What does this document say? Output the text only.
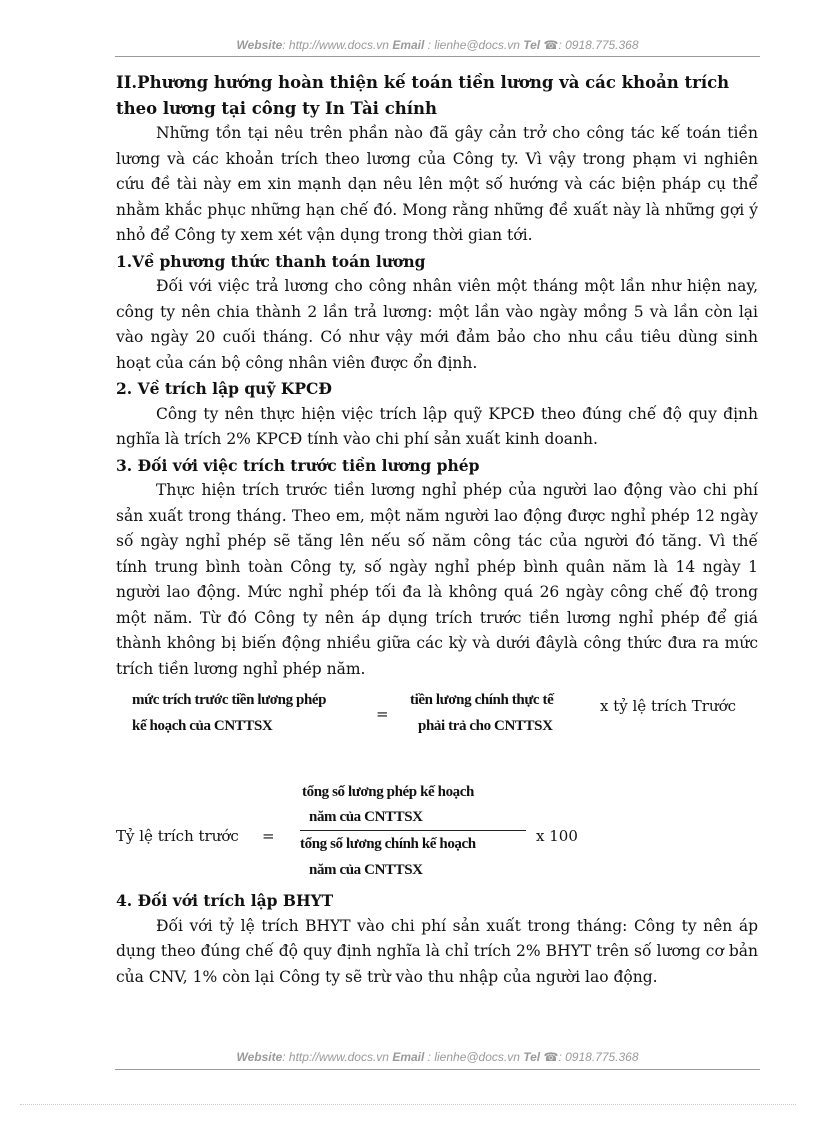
Website: http://www.docs.vn Email : lienhe@docs.vn Tel ☎: 0918.775.368
II.Phương hướng hoàn thiện kế toán tiền lương và các khoản trích theo lương tại công ty In Tài chính

Những tồn tại nêu trên phần nào đã gây cản trở cho công tác kế toán tiền lương và các khoản trích theo lương của Công ty. Vì vậy trong phạm vi nghiên cứu đề tài này em xin mạnh dạn nêu lên một số hướng và các biện pháp cụ thể nhằm khắc phục những hạn chế đó. Mong rằng những đề xuất này là những gợi ý nhỏ để Công ty xem xét vận dụng trong thời gian tới.

1.Về phương thức thanh toán lương

Đối với việc trả lương cho công nhân viên một tháng một lần như hiện nay, công ty nên chia thành 2 lần trả lương: một lần vào ngày mồng 5 và lần còn lại vào ngày 20 cuối tháng. Có như vậy mới đảm bảo cho nhu cầu tiêu dùng sinh hoạt của cán bộ công nhân viên được ổn định.

2. Về trích lập quỹ KPCĐ

Công ty nên thực hiện việc trích lập quỹ KPCĐ theo đúng chế độ quy định nghĩa là trích 2% KPCĐ tính vào chi phí sản xuất kinh doanh.

3. Đối với việc trích trước tiền lương phép

Thực hiện trích trước tiền lương nghỉ phép của người lao động vào chi phí sản xuất trong tháng. Theo em, một năm người lao động được nghỉ phép 12 ngày số ngày nghỉ phép sẽ tăng lên nếu số năm công tác của người đó tăng. Vì thế tính trung bình toàn Công ty, số ngày nghỉ phép bình quân năm là 14 ngày 1 người lao động. Mức nghỉ phép tối đa là không quá 26 ngày công chế độ trong một năm. Từ đó Công ty nên áp dụng trích trước tiền lương nghỉ phép để giá thành không bị biến động nhiều giữa các kỳ và dưới đâylà công thức đưa ra mức trích tiền lương nghỉ phép năm.

mức trích trước tiền lương phép
kế hoạch của CNTTSX
=
tiền lương chính thực tế
phải trả cho CNTTSX
x tỷ lệ trích Trước
Tỷ lệ trích trước =
tổng số lương phép kế hoạch
năm của CNTTSX
tổng số lương chính kế hoạch
năm của CNTTSX
x 100
4. Đối với trích lập BHYT

Đối với tỷ lệ trích BHYT vào chi phí sản xuất trong tháng: Công ty nên áp dụng theo đúng chế độ quy định nghĩa là chỉ trích 2% BHYT trên số lương cơ bản của CNV, 1% còn lại Công ty sẽ trừ vào thu nhập của người lao động.

Website: http://www.docs.vn Email : lienhe@docs.vn Tel ☎: 0918.775.368
